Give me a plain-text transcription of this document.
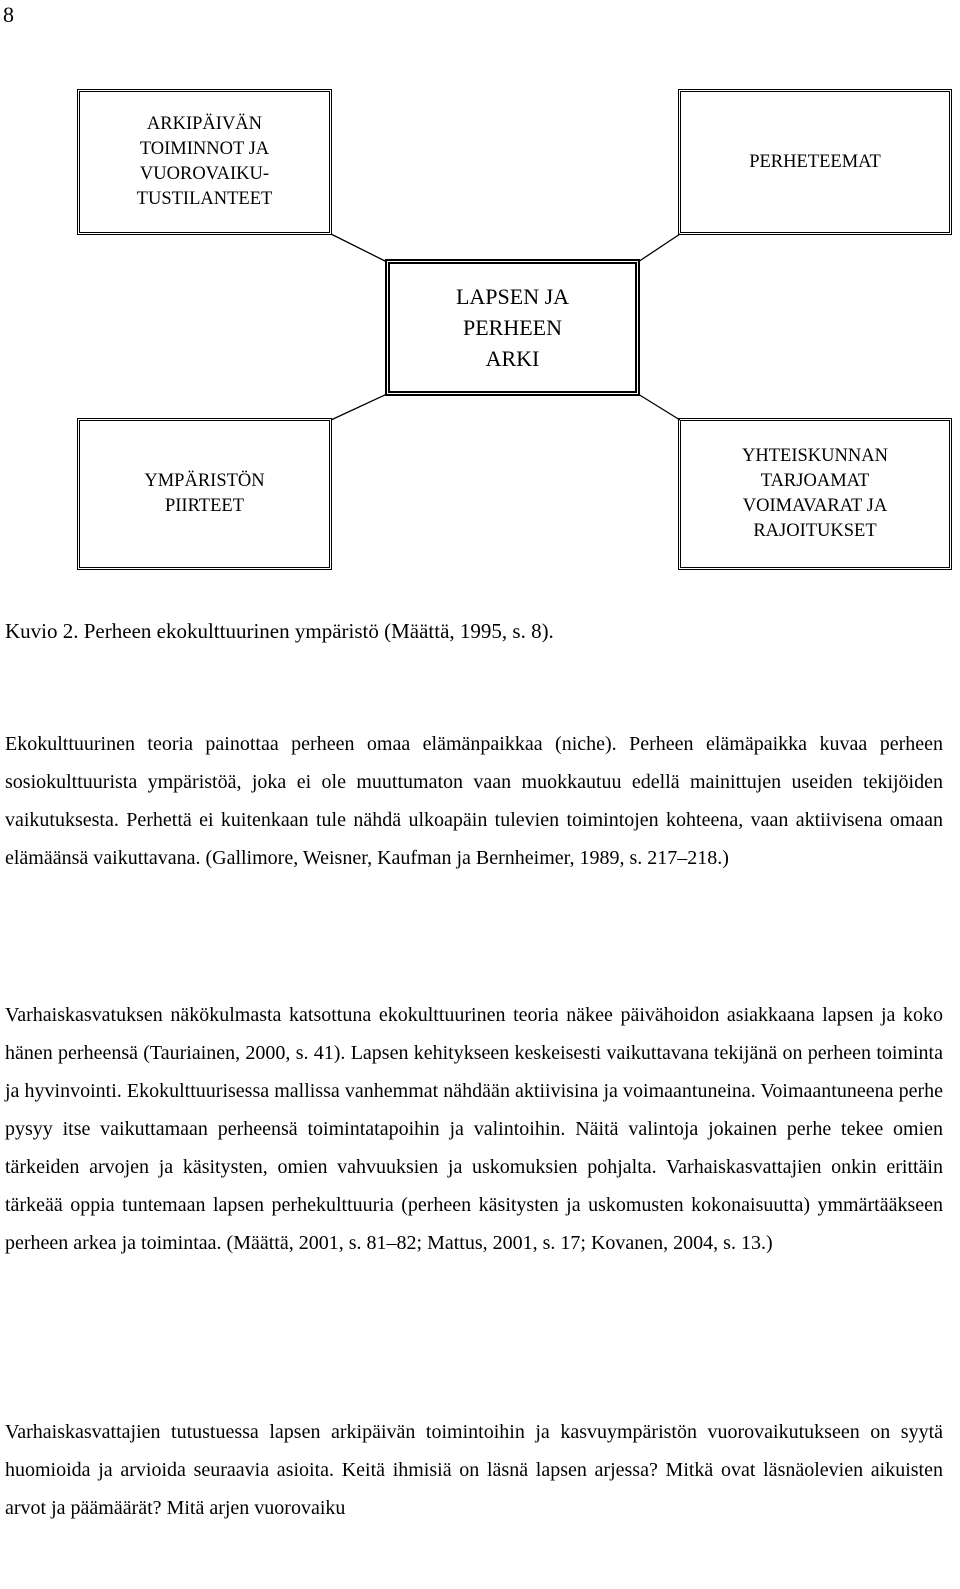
8
ARKIPÄIVÄN
TOIMINNOT JA
VUOROVAIKU-
TUSTILANTEET
PERHETEEMAT
LAPSEN JA
PERHEEN
ARKI
YMPÄRISTÖN
PIIRTEET
YHTEISKUNNAN
TARJOAMAT
VOIMAVARAT JA
RAJOITUKSET
Kuvio 2. Perheen ekokulttuurinen ympäristö (Määttä, 1995, s. 8).

Ekokulttuurinen teoria painottaa perheen omaa elämänpaikkaa (niche). Perheen elämäpaikka kuvaa perheen sosiokulttuurista ympäristöä, joka ei ole muuttumaton vaan muokkautuu edellä mainittujen useiden tekijöiden vaikutuksesta. Perhettä ei kuitenkaan tule nähdä ulkoapäin tulevien toimintojen kohteena, vaan aktiivisena omaan elämäänsä vaikuttavana. (Gallimore, Weisner, Kaufman ja Bernheimer, 1989, s. 217–218.)

Varhaiskasvatuksen näkökulmasta katsottuna ekokulttuurinen teoria näkee päivähoidon asiakkaana lapsen ja koko hänen perheensä (Tauriainen, 2000, s. 41). Lapsen kehitykseen keskeisesti vaikuttavana tekijänä on perheen toiminta ja hyvinvointi. Ekokulttuurisessa mallissa vanhemmat nähdään aktiivisina ja voimaantuneina. Voimaantuneena perhe pysyy itse vaikuttamaan perheensä toimintatapoihin ja valintoihin. Näitä valintoja jokainen perhe tekee omien tärkeiden arvojen ja käsitysten, omien vahvuuksien ja uskomuksien pohjalta. Varhaiskasvattajien onkin erittäin tärkeää oppia tuntemaan lapsen perhekulttuuria (perheen käsitysten ja uskomusten kokonaisuutta) ymmärtääkseen perheen arkea ja toimintaa. (Määttä, 2001, s. 81–82; Mattus, 2001, s. 17; Kovanen, 2004, s. 13.)

Varhaiskasvattajien tutustuessa lapsen arkipäivän toimintoihin ja kasvuympäristön vuorovaikutukseen on syytä huomioida ja arvioida seuraavia asioita. Keitä ihmisiä on läsnä lapsen arjessa? Mitkä ovat läsnäolevien aikuisten arvot ja päämäärät? Mitä arjen vuorovaiku
